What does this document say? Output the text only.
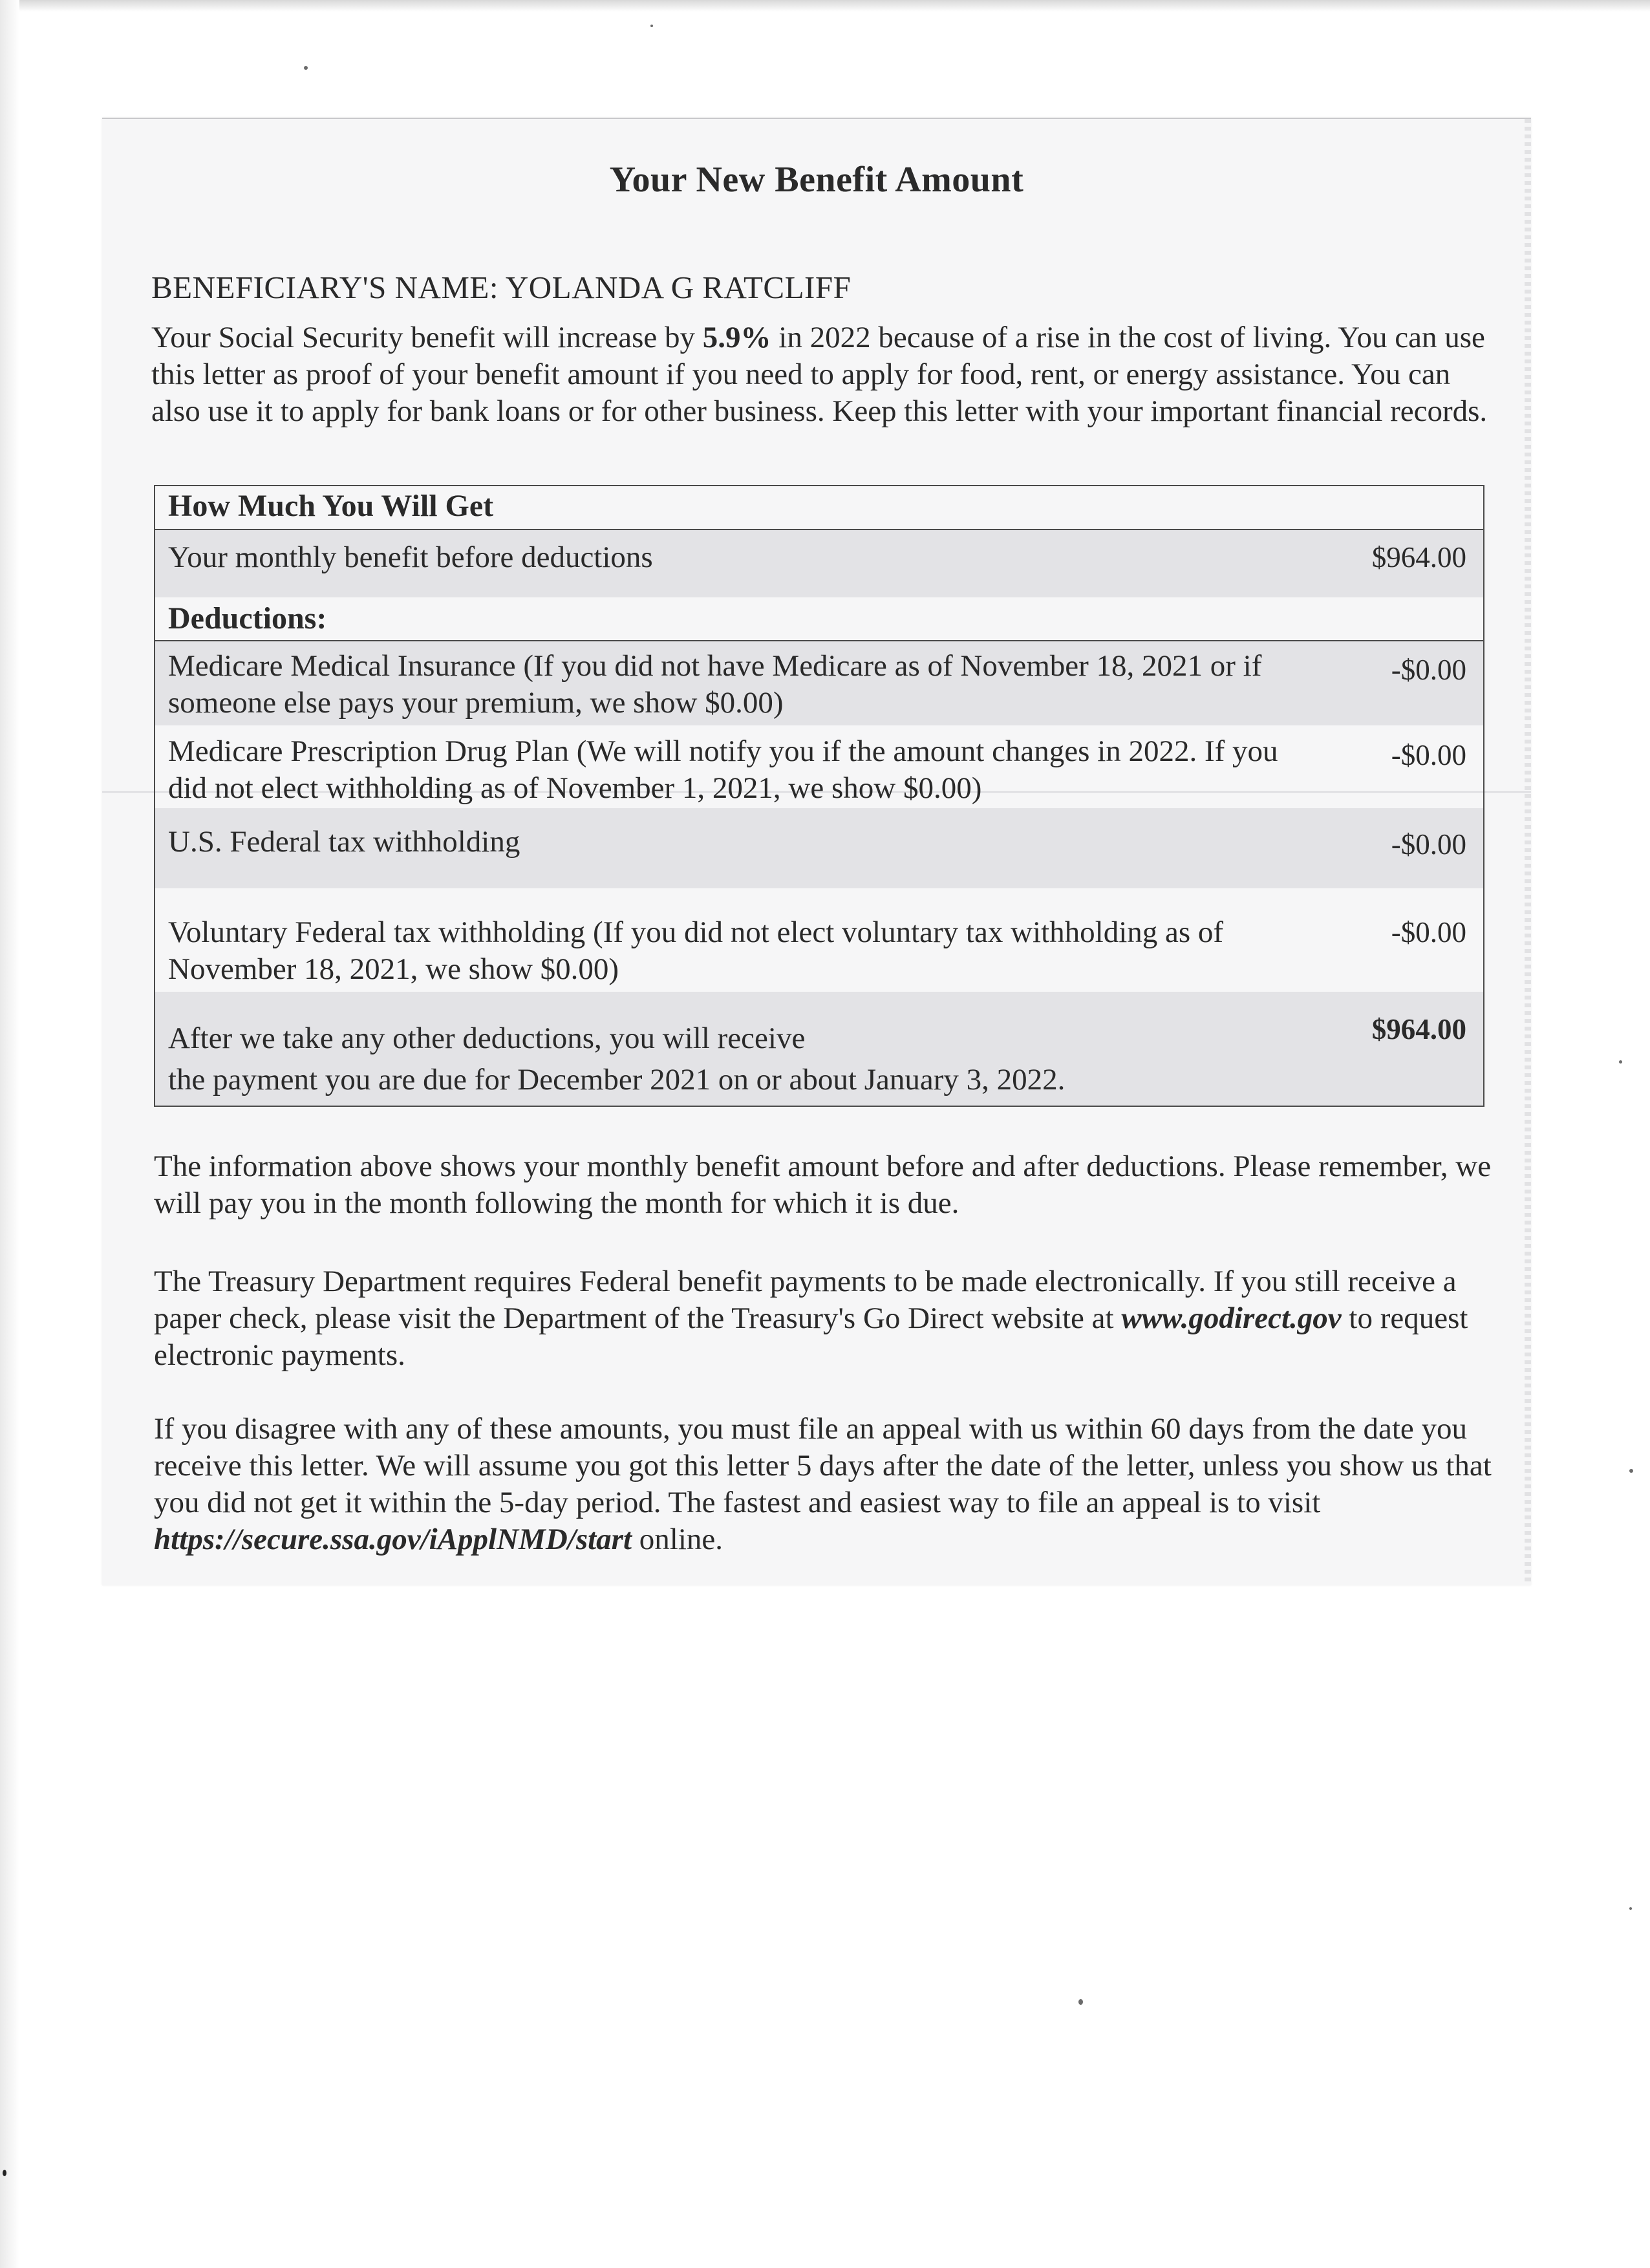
Your New Benefit Amount
BENEFICIARY'S NAME: YOLANDA G RATCLIFF
Your Social Security benefit will increase by 5.9% in 2022 because of a rise in the cost of living. You can use this letter as proof of your benefit amount if you need to apply for food, rent, or energy assistance. You can also use it to apply for bank loans or for other business. Keep this letter with your important financial records.
How Much You Will Get
Your monthly benefit before deductions	$964.00
Deductions:
Medicare Medical Insurance (If you did not have Medicare as of November 18, 2021 or if someone else pays your premium, we show $0.00)
-$0.00
Medicare Prescription Drug Plan (We will notify you if the amount changes in 2022. If you did not elect withholding as of November 1, 2021, we show $0.00)
-$0.00
U.S. Federal tax withholding	-$0.00
Voluntary Federal tax withholding (If you did not elect voluntary tax withholding as of November 18, 2021, we show $0.00)
-$0.00
After we take any other deductions, you will receive
the payment you are due for December 2021 on or about January 3, 2022.
$964.00
The information above shows your monthly benefit amount before and after deductions. Please remember, we will pay you in the month following the month for which it is due.
The Treasury Department requires Federal benefit payments to be made electronically. If you still receive a paper check, please visit the Department of the Treasury's Go Direct website at www.godirect.gov to request electronic payments.
If you disagree with any of these amounts, you must file an appeal with us within 60 days from the date you receive this letter. We will assume you got this letter 5 days after the date of the letter, unless you show us that you did not get it within the 5-day period. The fastest and easiest way to file an appeal is to visit https://secure.ssa.gov/iApplNMD/start online.
